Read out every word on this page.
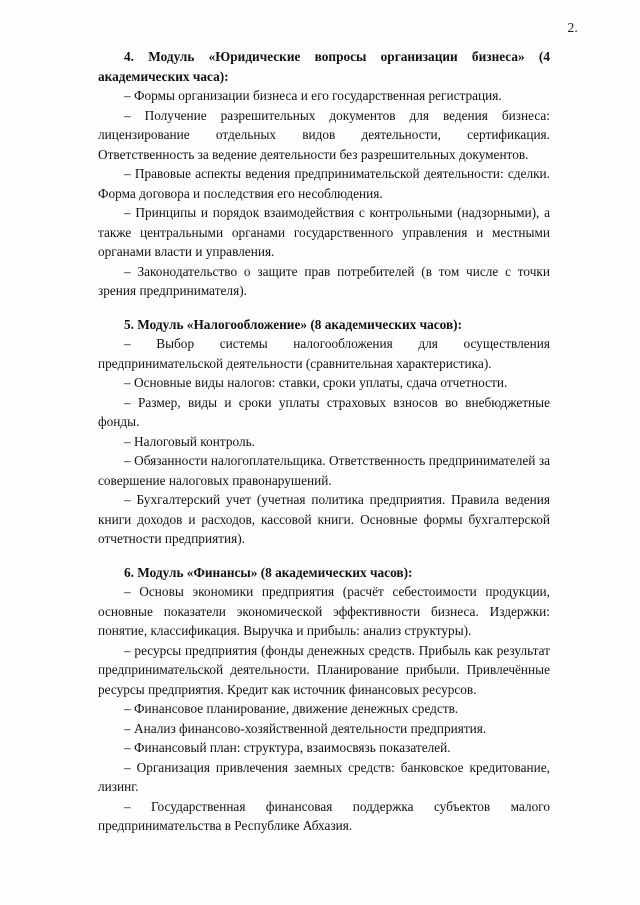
2.

4. Модуль «Юридические вопросы организации бизнеса» (4 академических часа):

– Формы организации бизнеса и его государственная регистрация.

– Получение разрешительных документов для ведения бизнеса: лицензирование отдельных видов деятельности, сертификация. Ответственность за ведение деятельности без разрешительных документов.

– Правовые аспекты ведения предпринимательской деятельности: сделки. Форма договора и последствия его несоблюдения.

– Принципы и порядок взаимодействия с контрольными (надзорными), а также центральными органами государственного управления и местными органами власти и управления.

– Законодательство о защите прав потребителей (в том числе с точки зрения предпринимателя).

5. Модуль «Налогообложение» (8 академических часов):

– Выбор системы налогообложения для осуществления предпринимательской деятельности (сравнительная характеристика).

– Основные виды налогов: ставки, сроки уплаты, сдача отчетности.

– Размер, виды и сроки уплаты страховых взносов во внебюджетные фонды.

– Налоговый контроль.

– Обязанности налогоплательщика. Ответственность предпринимателей за совершение налоговых правонарушений.

– Бухгалтерский учет (учетная политика предприятия. Правила ведения книги доходов и расходов, кассовой книги. Основные формы бухгалтерской отчетности предприятия).

6. Модуль «Финансы» (8 академических часов):

– Основы экономики предприятия (расчёт себестоимости продукции, основные показатели экономической эффективности бизнеса. Издержки: понятие, классификация. Выручка и прибыль: анализ структуры).

– ресурсы предприятия (фонды денежных средств. Прибыль как результат предпринимательской деятельности. Планирование прибыли. Привлечённые ресурсы предприятия. Кредит как источник финансовых ресурсов.

– Финансовое планирование, движение денежных средств.

– Анализ финансово-хозяйственной деятельности предприятия.

– Финансовый план: структура, взаимосвязь показателей.

– Организация привлечения заемных средств: банковское кредитование, лизинг.

– Государственная финансовая поддержка субъектов малого предпринимательства в Республике Абхазия.
